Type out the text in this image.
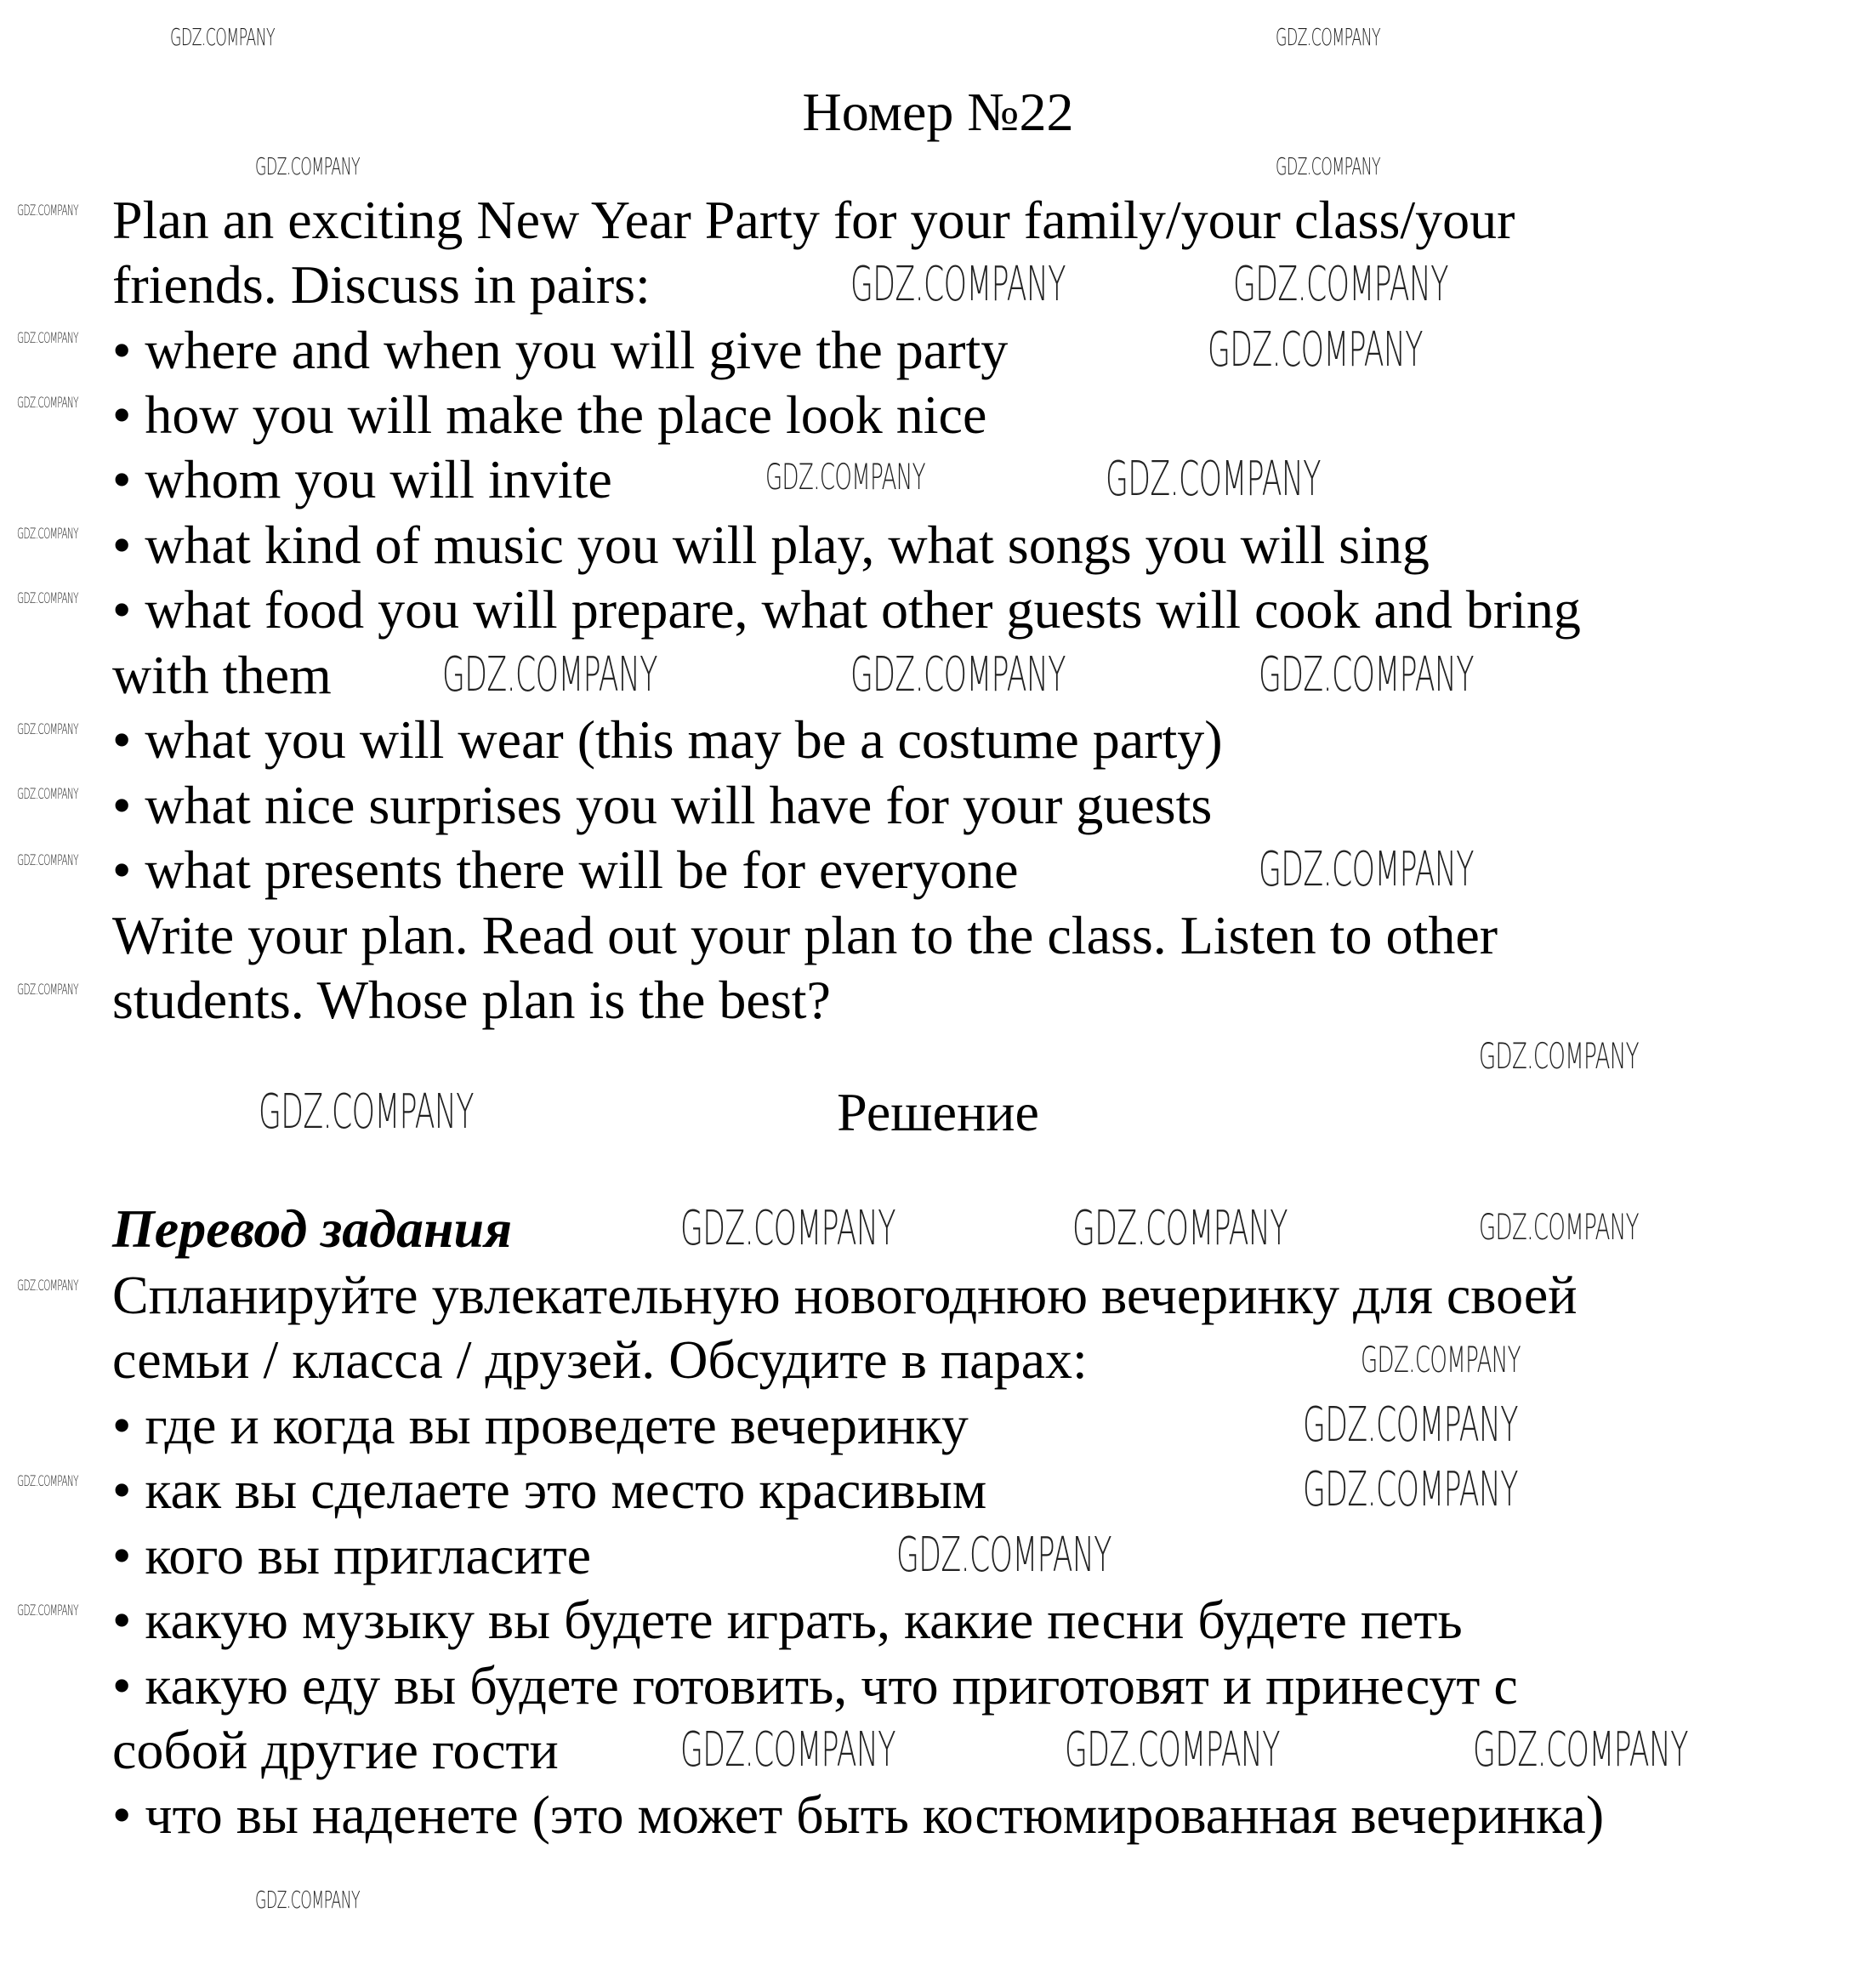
Номер №22
Plan an exciting New Year Party for your family/your class/your
friends. Discuss in pairs:
• where and when you will give the party
• how you will make the place look nice
• whom you will invite
• what kind of music you will play, what songs you will sing
• what food you will prepare, what other guests will cook and bring
with them
• what you will wear (this may be a costume party)
• what nice surprises you will have for your guests
• what presents there will be for everyone
Write your plan. Read out your plan to the class. Listen to other
students. Whose plan is the best?
Решение
Перевод задания
Спланируйте увлекательную новогоднюю вечеринку для своей
семьи / класса / друзей. Обсудите в парах:
• где и когда вы проведете вечеринку
• как вы сделаете это место красивым
• кого вы пригласите
• какую музыку вы будете играть, какие песни будете петь
• какую еду вы будете готовить, что приготовят и принесут с
собой другие гости
• что вы наденете (это может быть костюмированная вечеринка)
GDZ.COMPANY	GDZ.COMPANY
GDZ.COMPANY
GDZ.COMPANY	GDZ.COMPANY
GDZ.COMPANY	GDZ.COMPANY	GDZ.COMPANY
GDZ.COMPANY
GDZ.COMPANY
GDZ.COMPANY
GDZ.COMPANY	GDZ.COMPANY	GDZ.COMPANY
GDZ.COMPANY
GDZ.COMPANY
GDZ.COMPANY
GDZ.COMPANY
GDZ.COMPANY	GDZ.COMPANY	GDZ.COMPANY
GDZ.COMPANY	GDZ.COMPANY
GDZ.COMPANY	GDZ.COMPANY
GDZ.COMPANY
GDZ.COMPANY
GDZ.COMPANY
GDZ.COMPANY
GDZ.COMPANY
GDZ.COMPANY
GDZ.COMPANY
GDZ.COMPANY
GDZ.COMPANY
GDZ.COMPANY
GDZ.COMPANY
GDZ.COMPANY
GDZ.COMPANY
